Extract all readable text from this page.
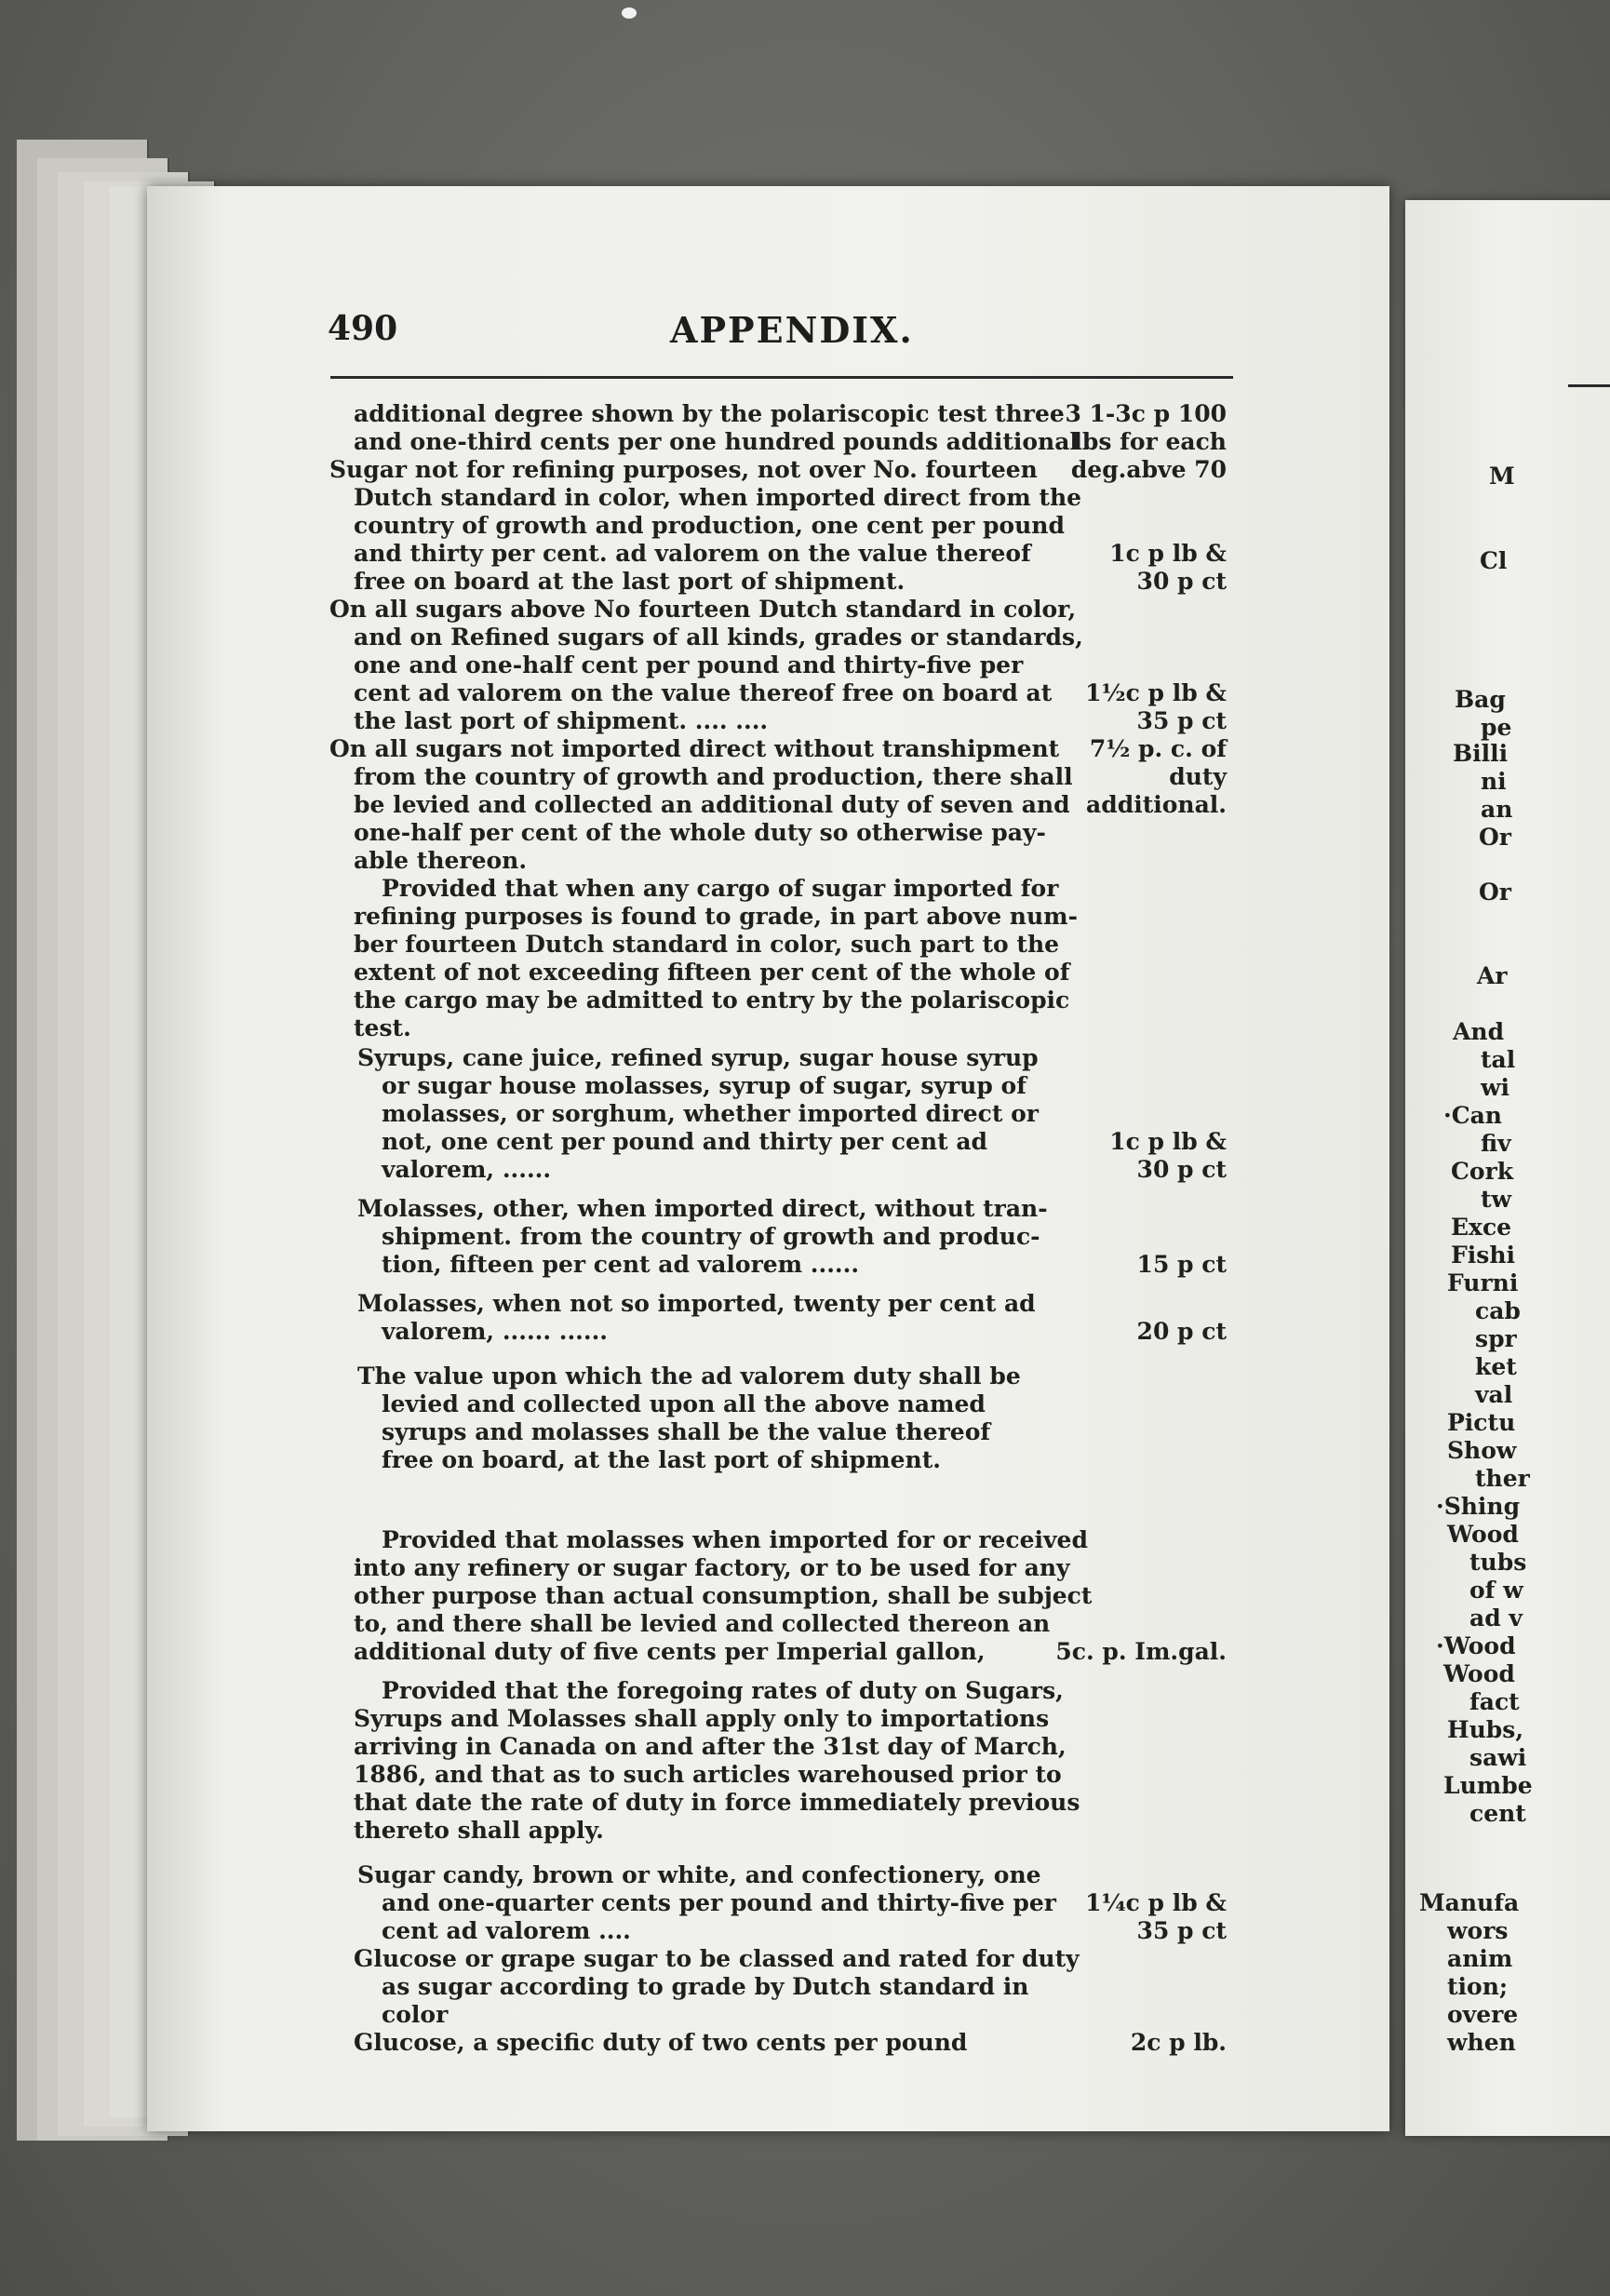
M
Cl
Bag
pe
Billi
ni
an
Or
Or
Ar
And
tal
wi
·Can
fiv
Cork
tw
Exce
Fishi
Furni
cab
spr
ket
val
Pictu
Show
ther
·Shing
Wood
tubs
of w
ad v
·Wood
Wood
fact
Hubs,
sawi
Lumbe
cent
Manufa
wors
anim
tion;
overe
when
490	APPENDIX.
additional degree shown by the polariscopic test three
and one-third cents per one hundred pounds additional
Sugar not for refining purposes, not over No. fourteen
Dutch standard in color, when imported direct from the
country of growth and production, one cent per pound
and thirty per cent. ad valorem on the value thereof
free on board at the last port of shipment.
On all sugars above No fourteen Dutch standard in color,
and on Refined sugars of all kinds, grades or standards,
one and one-half cent per pound and thirty-five per
cent ad valorem on the value thereof free on board at
the last port of shipment. .... ....
On all sugars not imported direct without transhipment
from the country of growth and production, there shall
be levied and collected an additional duty of seven and
one-half per cent of the whole duty so otherwise pay-
able thereon.
Provided that when any cargo of sugar imported for
refining purposes is found to grade, in part above num-
ber fourteen Dutch standard in color, such part to the
extent of not exceeding fifteen per cent of the whole of
the cargo may be admitted to entry by the polariscopic
test.
Syrups, cane juice, refined syrup, sugar house syrup
or sugar house molasses, syrup of sugar, syrup of
molasses, or sorghum, whether imported direct or
not, one cent per pound and thirty per cent ad
valorem, ......
Molasses, other, when imported direct, without tran-
shipment. from the country of growth and produc-
tion, fifteen per cent ad valorem ......
Molasses, when not so imported, twenty per cent ad
valorem, ...... ......
The value upon which the ad valorem duty shall be
levied and collected upon all the above named
syrups and molasses shall be the value thereof
free on board, at the last port of shipment.
Provided that molasses when imported for or received
into any refinery or sugar factory, or to be used for any
other purpose than actual consumption, shall be subject
to, and there shall be levied and collected thereon an
additional duty of five cents per Imperial gallon,
Provided that the foregoing rates of duty on Sugars,
Syrups and Molasses shall apply only to importations
arriving in Canada on and after the 31st day of March,
1886, and that as to such articles warehoused prior to
that date the rate of duty in force immediately previous
thereto shall apply.
Sugar candy, brown or white, and confectionery, one
and one-quarter cents per pound and thirty-five per
cent ad valorem ....
Glucose or grape sugar to be classed and rated for duty
as sugar according to grade by Dutch standard in
color
Glucose, a specific duty of two cents per pound
3 1-3c p 100
lbs for each
deg.abve 70
1c p lb &
30 p ct
1½c p lb &
35 p ct
7½ p. c. of
duty
additional.
1c p lb &
30 p ct
15 p ct
20 p ct
5c. p. Im.gal.
1¼c p lb &
35 p ct
2c p lb.
